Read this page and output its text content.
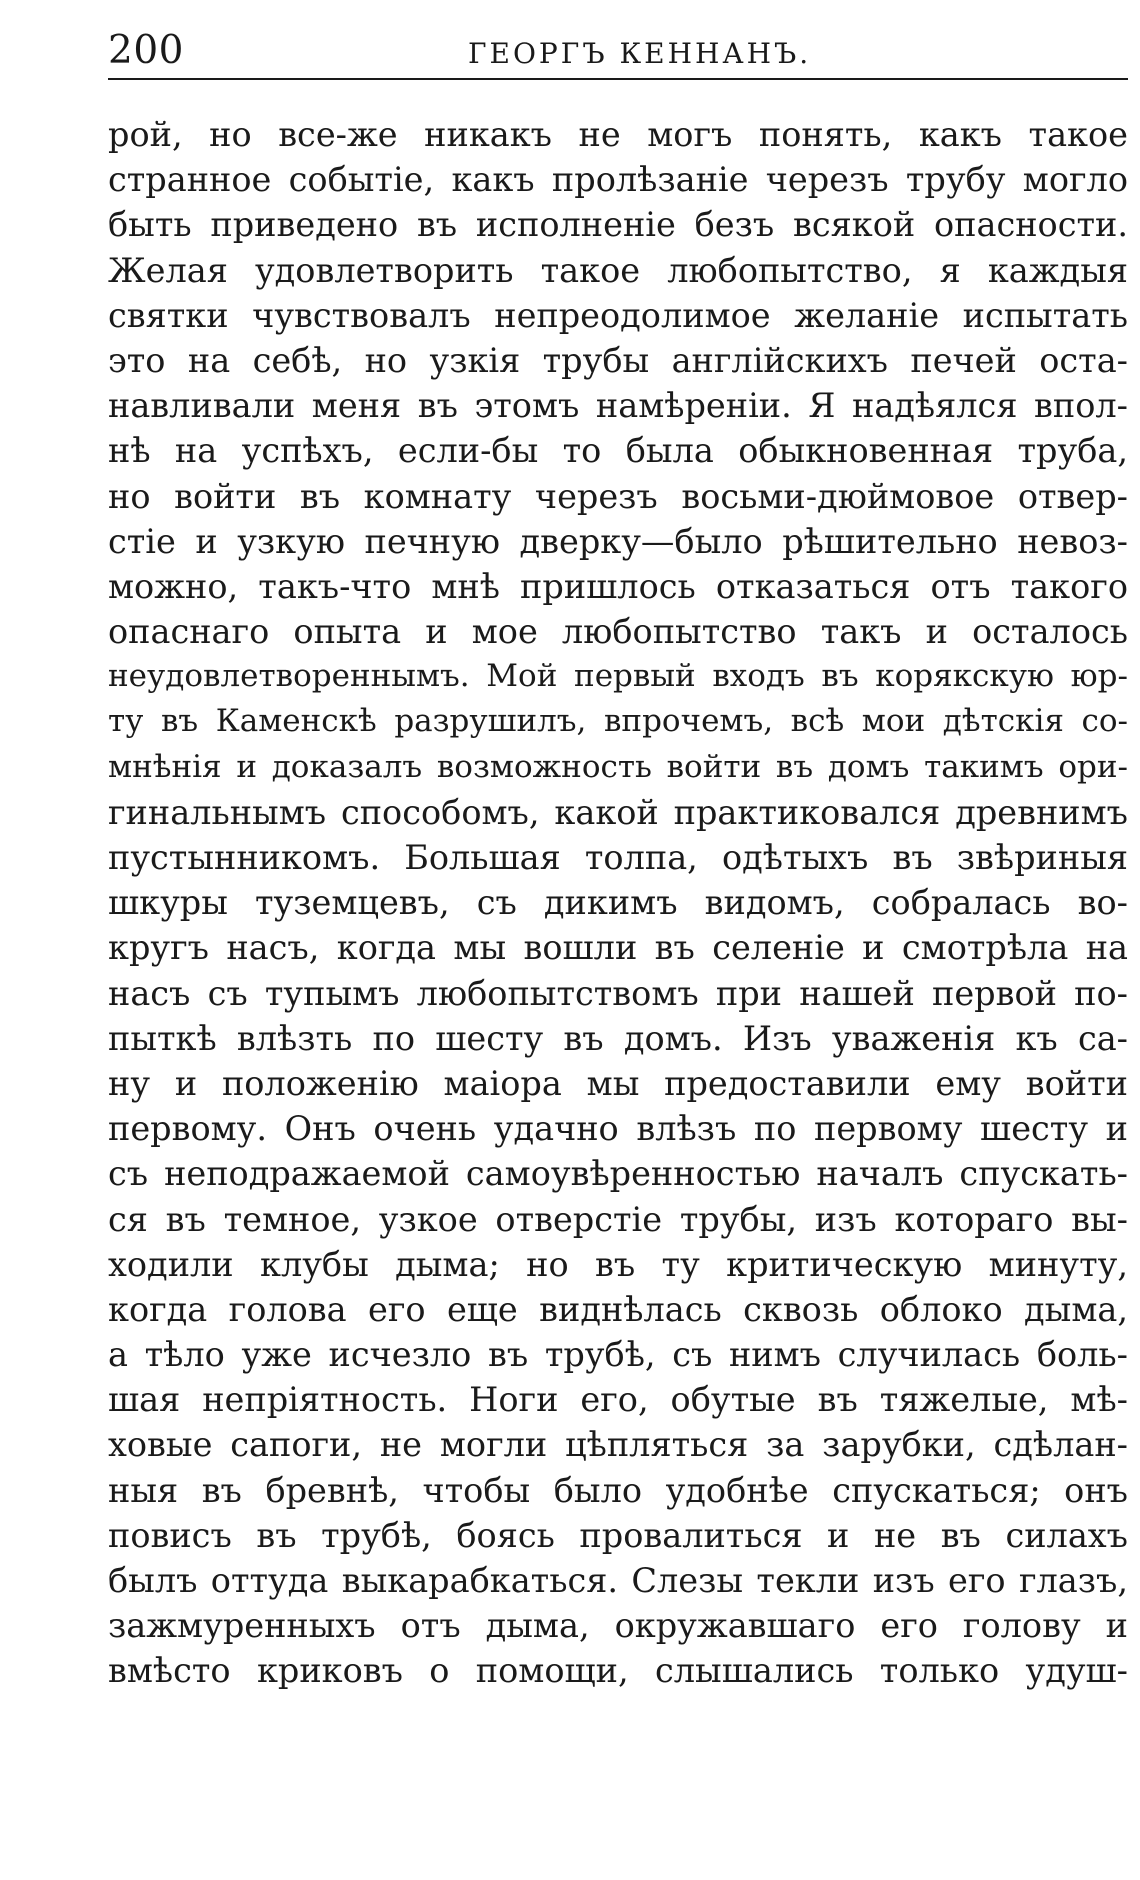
200	ГЕОРГЪ КЕННАНЪ.
рой, но все-же никакъ не могъ понять, какъ такое
странное событіе, какъ пролѣзаніе черезъ трубу могло
быть приведено въ исполненіе безъ всякой опасности.
Желая удовлетворить такое любопытство, я каждыя
святки чувствовалъ непреодолимое желаніе испытать
это на себѣ, но узкія трубы англійскихъ печей оста-
навливали меня въ этомъ намѣреніи. Я надѣялся впол-
нѣ на успѣхъ, если-бы то была обыкновенная труба,
но войти въ комнату черезъ восьми-дюймовое отвер-
стіе и узкую печную дверку—было рѣшительно невоз-
можно, такъ-что мнѣ пришлось отказаться отъ такого
опаснаго опыта и мое любопытство такъ и осталось
неудовлетвореннымъ. Мой первый входъ въ корякскую юр-
ту въ Каменскѣ разрушилъ, впрочемъ, всѣ мои дѣтскія со-
мнѣнія и доказалъ возможность войти въ домъ такимъ ори-
гинальнымъ способомъ, какой практиковался древнимъ
пустынникомъ. Большая толпа, одѣтыхъ въ звѣриныя
шкуры туземцевъ, съ дикимъ видомъ, собралась во-
кругъ насъ, когда мы вошли въ селеніе и смотрѣла на
насъ съ тупымъ любопытствомъ при нашей первой по-
пыткѣ влѣзть по шесту въ домъ. Изъ уваженія къ са-
ну и положенію маіора мы предоставили ему войти
первому. Онъ очень удачно влѣзъ по первому шесту и
съ неподражаемой самоувѣренностью началъ спускать-
ся въ темное, узкое отверстіе трубы, изъ котораго вы-
ходили клубы дыма; но въ ту критическую минуту,
когда голова его еще виднѣлась сквозь облоко дыма,
а тѣло уже исчезло въ трубѣ, съ нимъ случилась боль-
шая непріятность. Ноги его, обутые въ тяжелые, мѣ-
ховые сапоги, не могли цѣпляться за зарубки, сдѣлан-
ныя въ бревнѣ, чтобы было удобнѣе спускаться; онъ
повисъ въ трубѣ, боясь провалиться и не въ силахъ
былъ оттуда выкарабкаться. Слезы текли изъ его глазъ,
зажмуренныхъ отъ дыма, окружавшаго его голову и
вмѣсто криковъ о помощи, слышались только удуш-
